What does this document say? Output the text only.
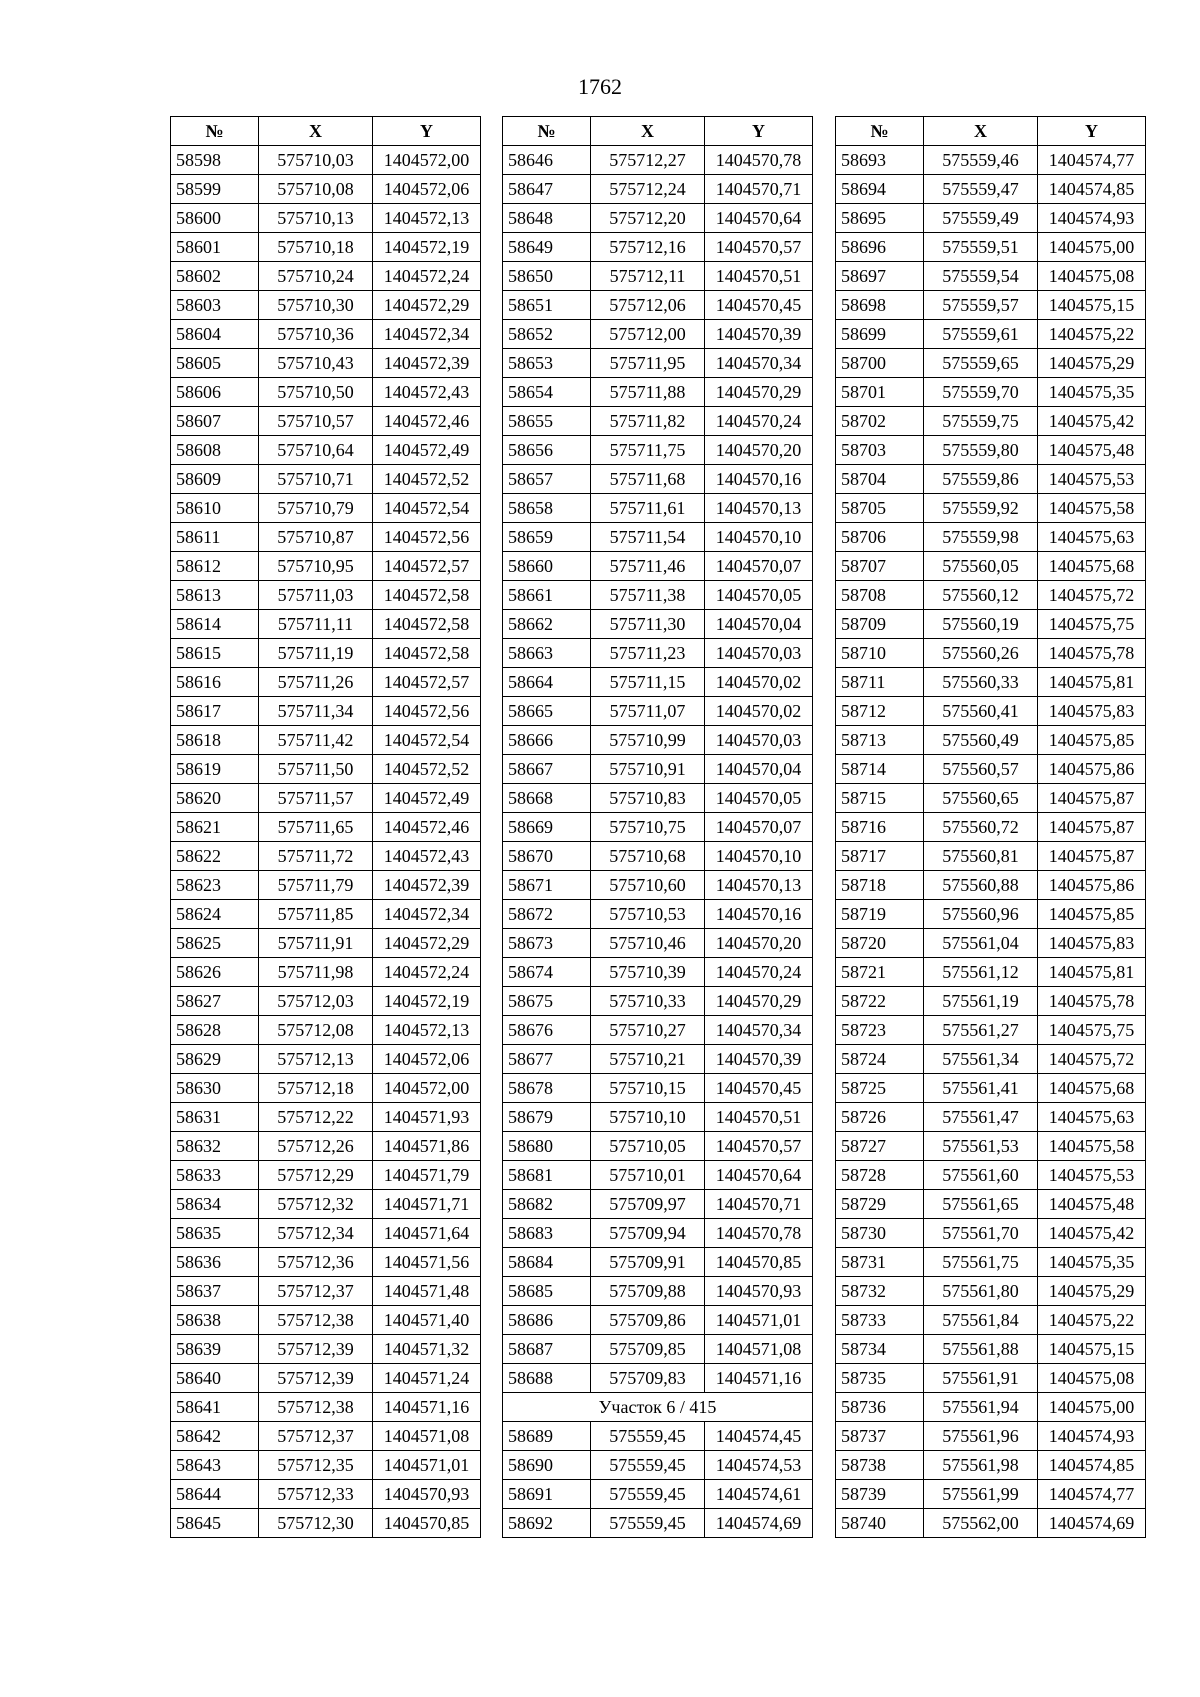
1762
№	X	Y
58598	575710,03	1404572,00
58599	575710,08	1404572,06
58600	575710,13	1404572,13
58601	575710,18	1404572,19
58602	575710,24	1404572,24
58603	575710,30	1404572,29
58604	575710,36	1404572,34
58605	575710,43	1404572,39
58606	575710,50	1404572,43
58607	575710,57	1404572,46
58608	575710,64	1404572,49
58609	575710,71	1404572,52
58610	575710,79	1404572,54
58611	575710,87	1404572,56
58612	575710,95	1404572,57
58613	575711,03	1404572,58
58614	575711,11	1404572,58
58615	575711,19	1404572,58
58616	575711,26	1404572,57
58617	575711,34	1404572,56
58618	575711,42	1404572,54
58619	575711,50	1404572,52
58620	575711,57	1404572,49
58621	575711,65	1404572,46
58622	575711,72	1404572,43
58623	575711,79	1404572,39
58624	575711,85	1404572,34
58625	575711,91	1404572,29
58626	575711,98	1404572,24
58627	575712,03	1404572,19
58628	575712,08	1404572,13
58629	575712,13	1404572,06
58630	575712,18	1404572,00
58631	575712,22	1404571,93
58632	575712,26	1404571,86
58633	575712,29	1404571,79
58634	575712,32	1404571,71
58635	575712,34	1404571,64
58636	575712,36	1404571,56
58637	575712,37	1404571,48
58638	575712,38	1404571,40
58639	575712,39	1404571,32
58640	575712,39	1404571,24
58641	575712,38	1404571,16
58642	575712,37	1404571,08
58643	575712,35	1404571,01
58644	575712,33	1404570,93
58645	575712,30	1404570,85
№	X	Y
58646	575712,27	1404570,78
58647	575712,24	1404570,71
58648	575712,20	1404570,64
58649	575712,16	1404570,57
58650	575712,11	1404570,51
58651	575712,06	1404570,45
58652	575712,00	1404570,39
58653	575711,95	1404570,34
58654	575711,88	1404570,29
58655	575711,82	1404570,24
58656	575711,75	1404570,20
58657	575711,68	1404570,16
58658	575711,61	1404570,13
58659	575711,54	1404570,10
58660	575711,46	1404570,07
58661	575711,38	1404570,05
58662	575711,30	1404570,04
58663	575711,23	1404570,03
58664	575711,15	1404570,02
58665	575711,07	1404570,02
58666	575710,99	1404570,03
58667	575710,91	1404570,04
58668	575710,83	1404570,05
58669	575710,75	1404570,07
58670	575710,68	1404570,10
58671	575710,60	1404570,13
58672	575710,53	1404570,16
58673	575710,46	1404570,20
58674	575710,39	1404570,24
58675	575710,33	1404570,29
58676	575710,27	1404570,34
58677	575710,21	1404570,39
58678	575710,15	1404570,45
58679	575710,10	1404570,51
58680	575710,05	1404570,57
58681	575710,01	1404570,64
58682	575709,97	1404570,71
58683	575709,94	1404570,78
58684	575709,91	1404570,85
58685	575709,88	1404570,93
58686	575709,86	1404571,01
58687	575709,85	1404571,08
58688	575709,83	1404571,16
Участок 6 / 415		
58689	575559,45	1404574,45
58690	575559,45	1404574,53
58691	575559,45	1404574,61
58692	575559,45	1404574,69
№	X	Y
58693	575559,46	1404574,77
58694	575559,47	1404574,85
58695	575559,49	1404574,93
58696	575559,51	1404575,00
58697	575559,54	1404575,08
58698	575559,57	1404575,15
58699	575559,61	1404575,22
58700	575559,65	1404575,29
58701	575559,70	1404575,35
58702	575559,75	1404575,42
58703	575559,80	1404575,48
58704	575559,86	1404575,53
58705	575559,92	1404575,58
58706	575559,98	1404575,63
58707	575560,05	1404575,68
58708	575560,12	1404575,72
58709	575560,19	1404575,75
58710	575560,26	1404575,78
58711	575560,33	1404575,81
58712	575560,41	1404575,83
58713	575560,49	1404575,85
58714	575560,57	1404575,86
58715	575560,65	1404575,87
58716	575560,72	1404575,87
58717	575560,81	1404575,87
58718	575560,88	1404575,86
58719	575560,96	1404575,85
58720	575561,04	1404575,83
58721	575561,12	1404575,81
58722	575561,19	1404575,78
58723	575561,27	1404575,75
58724	575561,34	1404575,72
58725	575561,41	1404575,68
58726	575561,47	1404575,63
58727	575561,53	1404575,58
58728	575561,60	1404575,53
58729	575561,65	1404575,48
58730	575561,70	1404575,42
58731	575561,75	1404575,35
58732	575561,80	1404575,29
58733	575561,84	1404575,22
58734	575561,88	1404575,15
58735	575561,91	1404575,08
58736	575561,94	1404575,00
58737	575561,96	1404574,93
58738	575561,98	1404574,85
58739	575561,99	1404574,77
58740	575562,00	1404574,69
